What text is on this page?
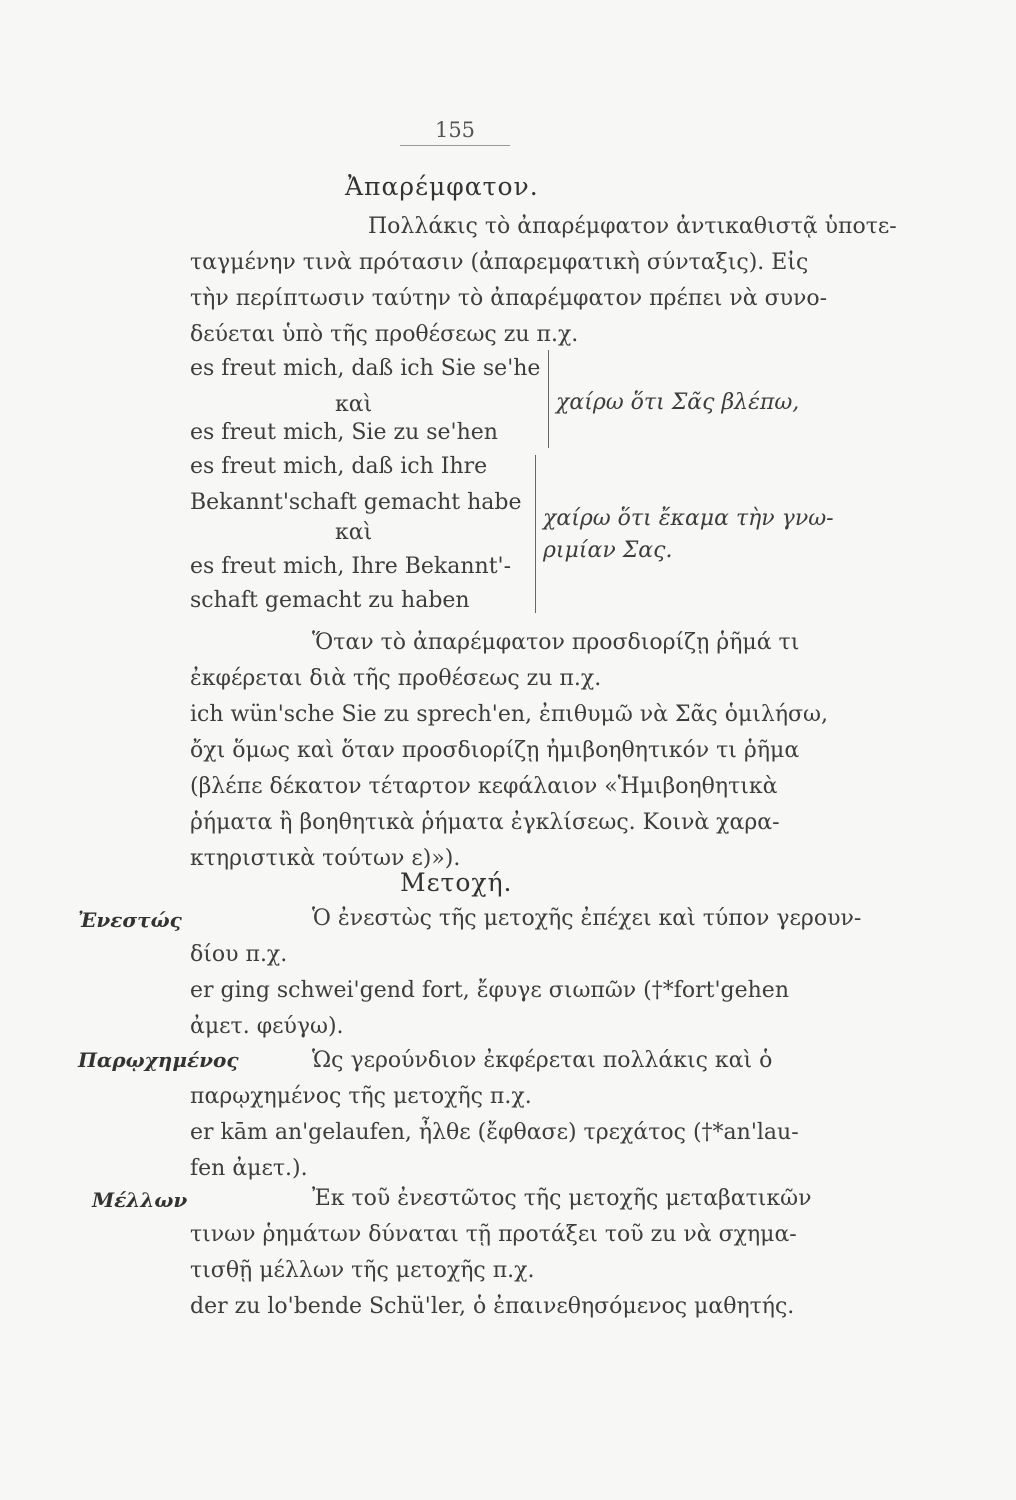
155
Ἀπαρέμφατον.
Πολλάκις τὸ ἀπαρέμφατον ἀντικαθιστᾷ ὑποτε-
ταγμένην τινὰ πρότασιν (ἀπαρεμφατικὴ σύνταξις). Εἰς
τὴν περίπτωσιν ταύτην τὸ ἀπαρέμφατον πρέπει νὰ συνο-
δεύεται ὑπὸ τῆς προθέσεως zu π.χ.
es freut mich, daß ich Sie se'he
καὶ
es freut mich, Sie zu se'hen
χαίρω ὅτι Σᾶς βλέπω,
es freut mich, daß ich Ihre
Bekannt'schaft gemacht habe
καὶ
es freut mich, Ihre Bekannt'-
schaft gemacht zu haben
χαίρω ὅτι ἔκαμα τὴν γνω-
ριμίαν Σας.
Ὅταν τὸ ἀπαρέμφατον προσδιορίζῃ ῥῆμά τι
ἐκφέρεται διὰ τῆς προθέσεως zu π.χ.
ich wün'sche Sie zu sprech'en, ἐπιθυμῶ νὰ Σᾶς ὁμιλήσω,
ὄχι ὅμως καὶ ὅταν προσδιορίζῃ ἠμιβοηθητικόν τι ῥῆμα
(βλέπε δέκατον τέταρτον κεφάλαιον «Ἡμιβοηθητικὰ
ῥήματα ἢ βοηθητικὰ ῥήματα ἐγκλίσεως. Κοινὰ χαρα-
κτηριστικὰ τούτων ε)»).
Μετοχή.
Ἐνεστώς	Ὁ ἐνεστὼς τῆς μετοχῆς ἐπέχει καὶ τύπον γερουν-
δίου π.χ.
er ging schwei'gend fort, ἔφυγε σιωπῶν (†*fort'gehen
ἀμετ. φεύγω).
Παρῳχημένος	Ὡς γερούνδιον ἐκφέρεται πολλάκις καὶ ὁ
παρῳχημένος τῆς μετοχῆς π.χ.
er kām an'gelaufen, ἦλθε (ἔφθασε) τρεχάτος (†*an'lau-
fen ἀμετ.).
Μέλλων	Ἐκ τοῦ ἐνεστῶτος τῆς μετοχῆς μεταβατικῶν
τινων ῥημάτων δύναται τῇ προτάξει τοῦ zu νὰ σχημα-
τισθῇ μέλλων τῆς μετοχῆς π.χ.
der zu lo'bende Schü'ler, ὁ ἐπαινεθησόμενος μαθητής.
